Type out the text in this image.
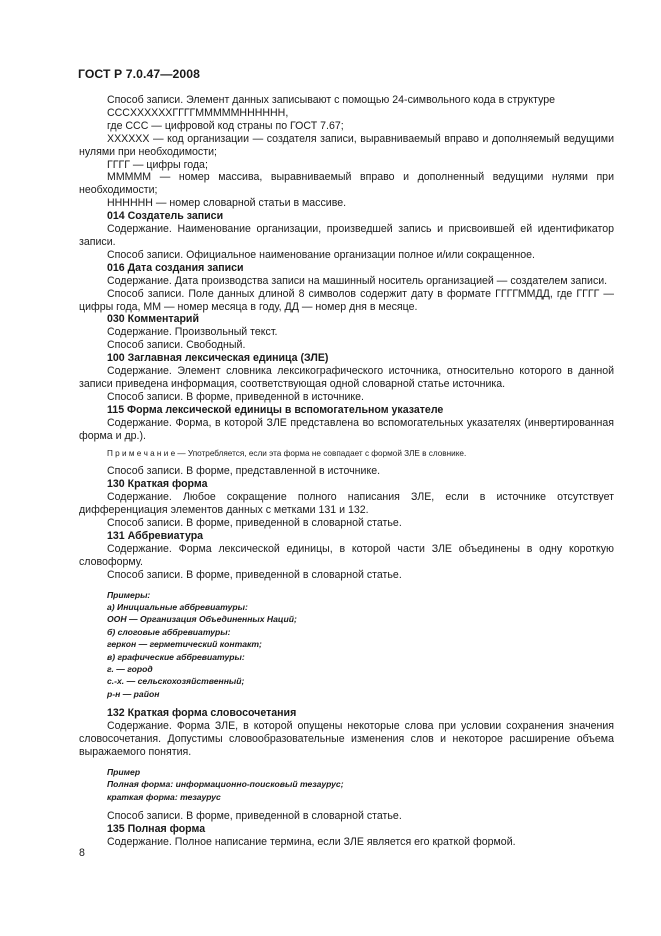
ГОСТ Р 7.0.47—2008

Способ записи. Элемент данных записывают с помощью 24-символьного кода в структуре

СССXXXXXXГГГГMMMMMHHHHHH,

где ССС — цифровой код страны по ГОСТ 7.67;

XXXXXX — код организации — создателя записи, выравниваемый вправо и дополняемый ведущими нулями при необходимости;

ГГГГ — цифры года;

MMMMM — номер массива, выравниваемый вправо и дополненный ведущими нулями при необходимости;

HHHHHH — номер словарной статьи в массиве.

014 Создатель записи

Содержание. Наименование организации, произведшей запись и присвоившей ей идентификатор записи.

Способ записи. Официальное наименование организации полное и/или сокращенное.

016 Дата создания записи

Содержание. Дата производства записи на машинный носитель организацией — создателем записи.

Способ записи. Поле данных длиной 8 символов содержит дату в формате ГГГГММДД, где ГГГГ — цифры года, ММ — номер месяца в году, ДД — номер дня в месяце.

030 Комментарий

Содержание. Произвольный текст.

Способ записи. Свободный.

100 Заглавная лексическая единица (ЗЛЕ)

Содержание. Элемент словника лексикографического источника, относительно которого в данной записи приведена информация, соответствующая одной словарной статье источника.

Способ записи. В форме, приведенной в источнике.

115 Форма лексической единицы в вспомогательном указателе

Содержание. Форма, в которой ЗЛЕ представлена во вспомогательных указателях (инвертированная форма и др.).

П р и м е ч а н и е — Употребляется, если эта форма не совпадает с формой ЗЛЕ в словнике.

Способ записи. В форме, представленной в источнике.

130 Краткая форма

Содержание. Любое сокращение полного написания ЗЛЕ, если в источнике отсутствует дифференциация элементов данных с метками 131 и 132.

Способ записи. В форме, приведенной в словарной статье.

131 Аббревиатура

Содержание. Форма лексической единицы, в которой части ЗЛЕ объединены в одну короткую словоформу.

Способ записи. В форме, приведенной в словарной статье.

Примеры:
а) Инициальные аббревиатуры:
ООН — Организация Объединенных Наций;
б) слоговые аббревиатуры:
геркон — герметический контакт;
в) графические аббревиатуры:
г. — город
с.-х. — сельскохозяйственный;
р-н — район

132 Краткая форма словосочетания

Содержание. Форма ЗЛЕ, в которой опущены некоторые слова при условии сохранения значения словосочетания. Допустимы словообразовательные изменения слов и некоторое расширение объема выражаемого понятия.

Пример
Полная форма: информационно-поисковый тезаурус;
краткая форма: тезаурус

Способ записи. В форме, приведенной в словарной статье.

135 Полная форма

Содержание. Полное написание термина, если ЗЛЕ является его краткой формой.

8
